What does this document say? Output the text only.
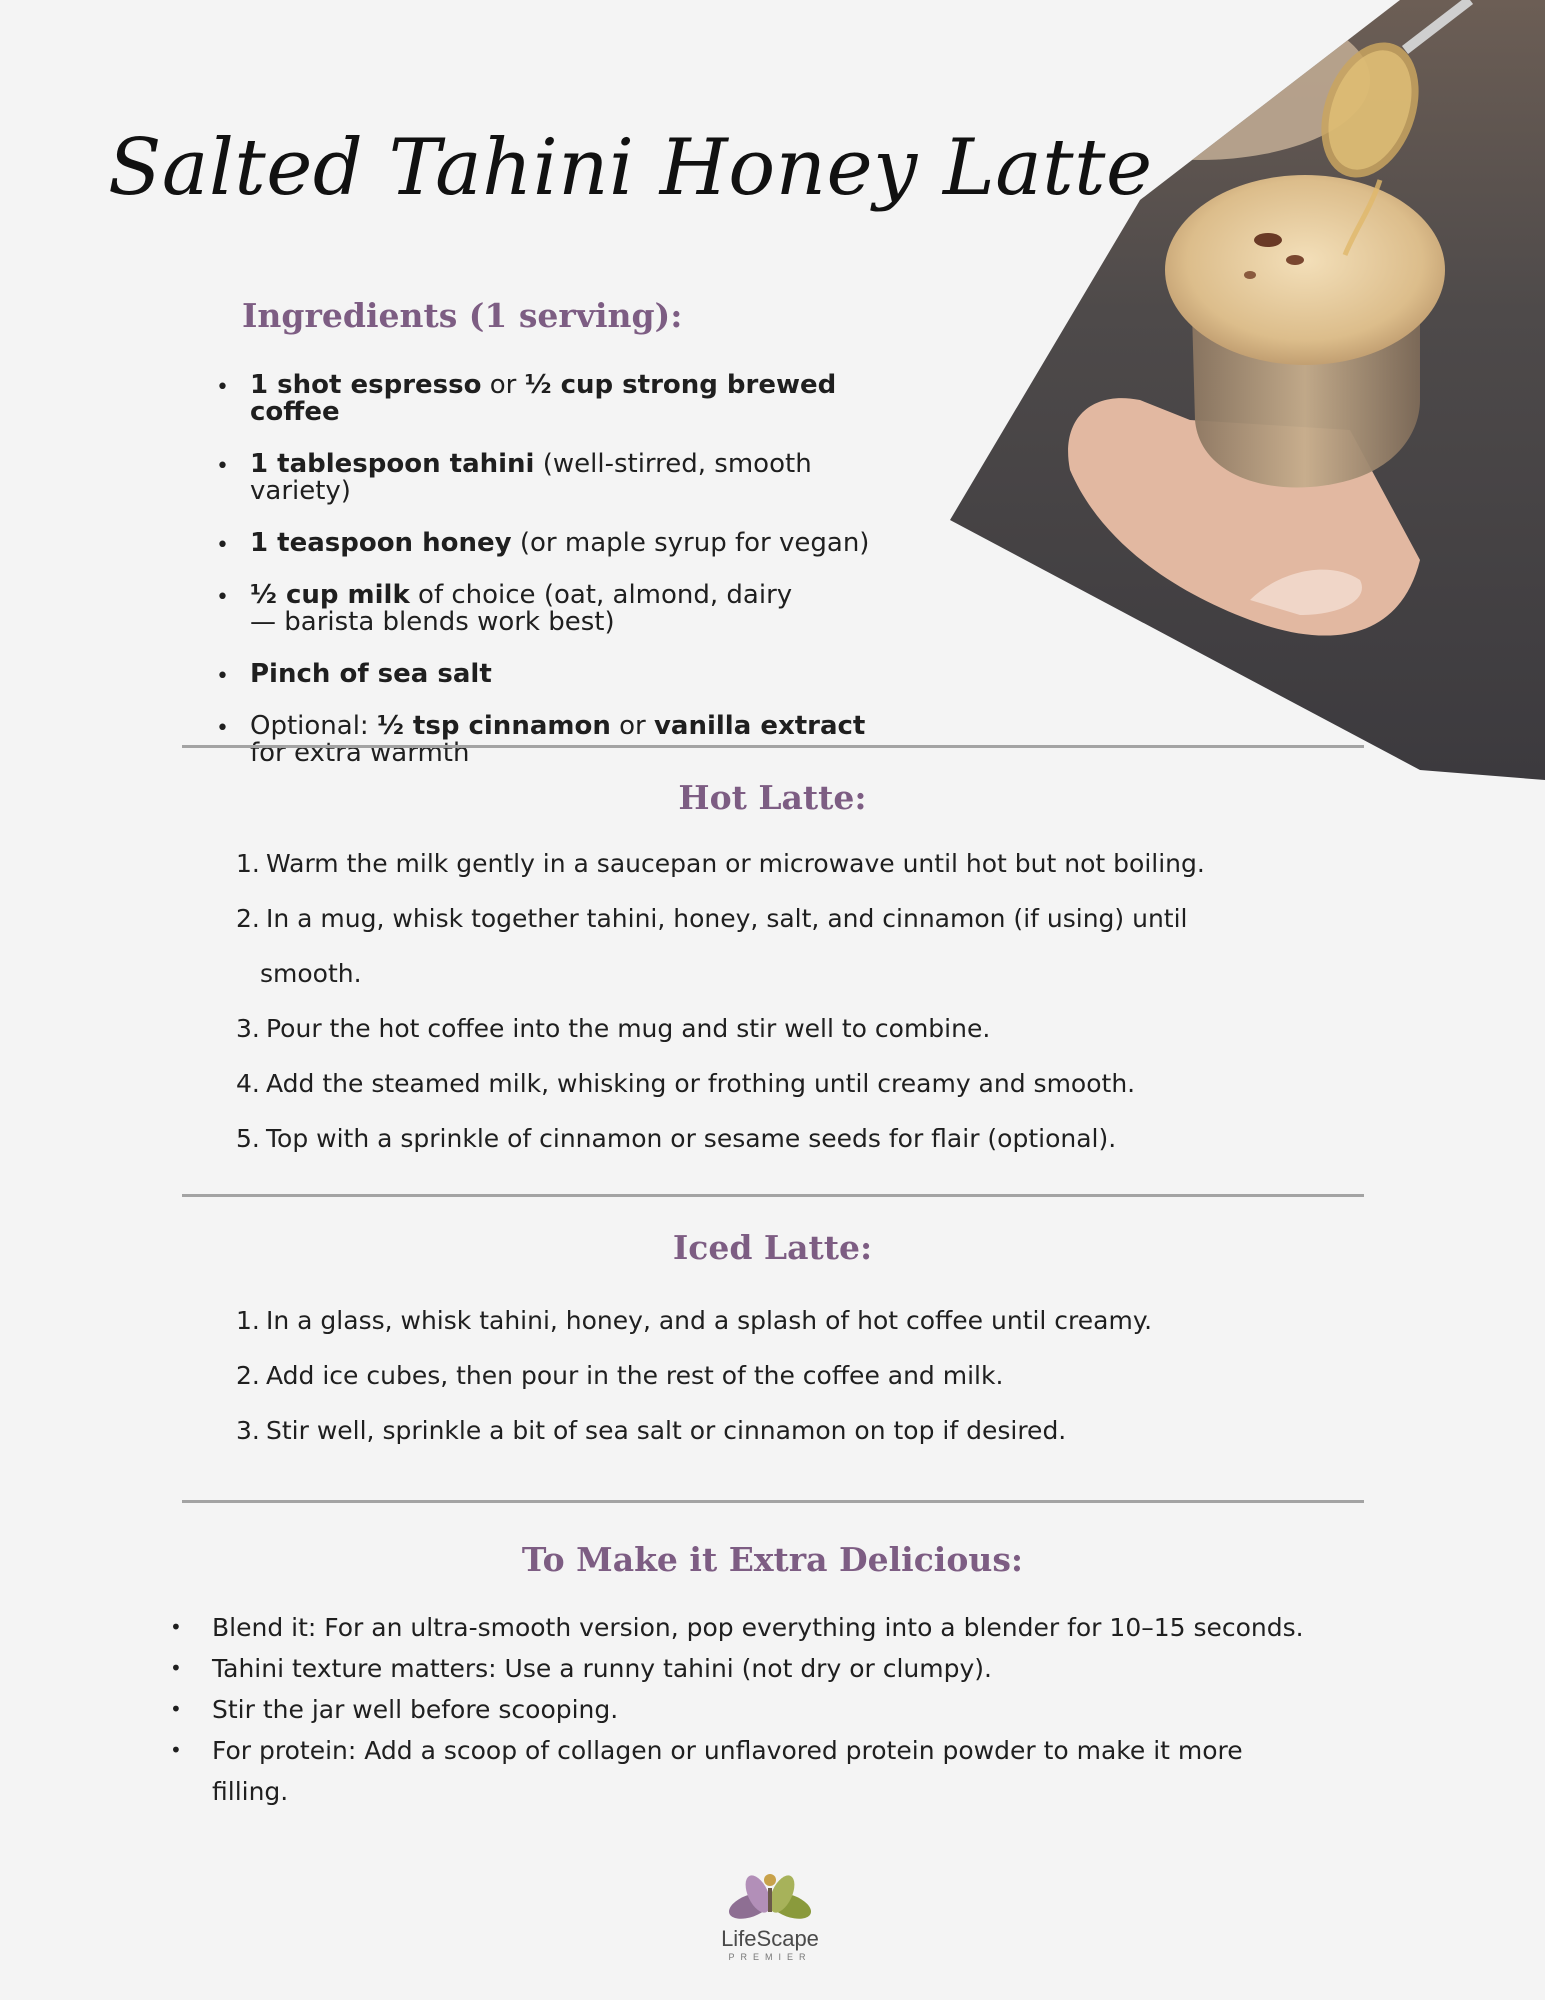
Salted Tahini Honey Latte
Ingredients (1 serving):
• 1 shot espresso or ½ cup strong brewed coffee
• 1 tablespoon tahini (well-stirred, smooth variety)
• 1 teaspoon honey (or maple syrup for vegan)
• ½ cup milk of choice (oat, almond, dairy — barista blends work best)
• Pinch of sea salt
• Optional: ½ tsp cinnamon or vanilla extract for extra warmth
Hot Latte:
1. Warm the milk gently in a saucepan or microwave until hot but not boiling.
2. In a mug, whisk together tahini, honey, salt, and cinnamon (if using) until
smooth.
3. Pour the hot coffee into the mug and stir well to combine.
4. Add the steamed milk, whisking or frothing until creamy and smooth.
5. Top with a sprinkle of cinnamon or sesame seeds for flair (optional).
Iced Latte:
1. In a glass, whisk tahini, honey, and a splash of hot coffee until creamy.
2. Add ice cubes, then pour in the rest of the coffee and milk.
3. Stir well, sprinkle a bit of sea salt or cinnamon on top if desired.
To Make it Extra Delicious:
• Blend it: For an ultra-smooth version, pop everything into a blender for 10–15 seconds.
• Tahini texture matters: Use a runny tahini (not dry or clumpy).
• Stir the jar well before scooping.
• For protein: Add a scoop of collagen or unflavored protein powder to make it more filling.
LifeScape
PREMIER
